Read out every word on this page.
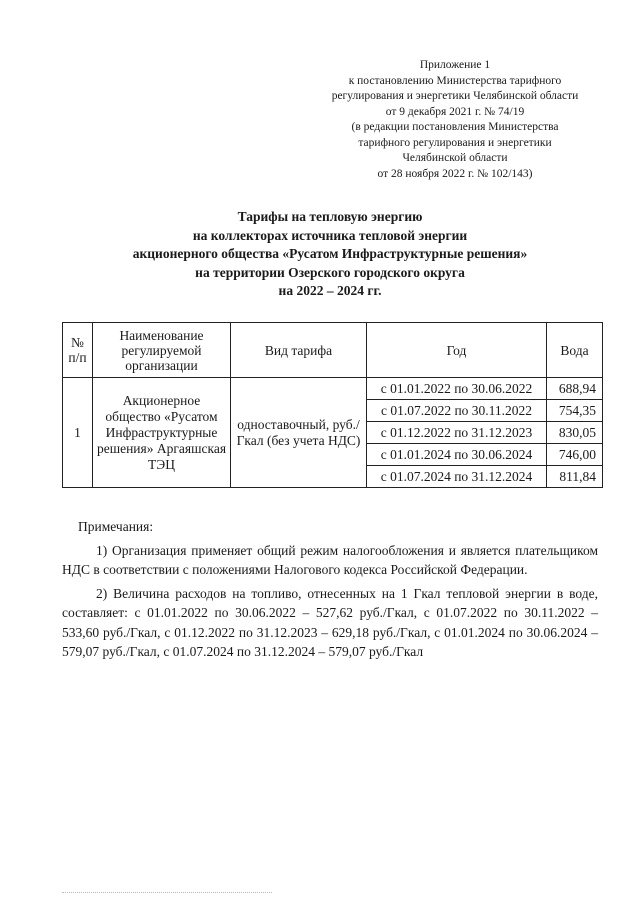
Приложение 1
к постановлению Министерства тарифного
регулирования и энергетики Челябинской области
от 9 декабря 2021 г. № 74/19
(в редакции постановления Министерства
тарифного регулирования и энергетики
Челябинской области
от 28 ноября 2022 г. № 102/143)
Тарифы на тепловую энергию
на коллекторах источника тепловой энергии
акционерного общества «Русатом Инфраструктурные решения»
на территории Озерского городского округа
на 2022 – 2024 гг.
№ п/п	Наименование регулируемой организации	Вид тарифа	Год	Вода
1	Акционерное общество «Русатом Инфраструктурные решения» Аргаяшская ТЭЦ	одноставочный, руб./Гкал (без учета НДС)	с 01.01.2022 по 30.06.2022	688,94
			с 01.07.2022 по 30.11.2022	754,35
			с 01.12.2022 по 31.12.2023	830,05
			с 01.01.2024 по 30.06.2024	746,00
			с 01.07.2024 по 31.12.2024	811,84

Примечания:

1) Организация применяет общий режим налогообложения и является плательщиком НДС в соответствии с положениями Налогового кодекса Российской Федерации.

2) Величина расходов на топливо, отнесенных на 1 Гкал тепловой энергии в воде, составляет: с 01.01.2022 по 30.06.2022 – 527,62 руб./Гкал, с 01.07.2022 по 30.11.2022 – 533,60 руб./Гкал, с 01.12.2022 по 31.12.2023 – 629,18 руб./Гкал, с 01.01.2024 по 30.06.2024 – 579,07 руб./Гкал, с 01.07.2024 по 31.12.2024 – 579,07 руб./Гкал
